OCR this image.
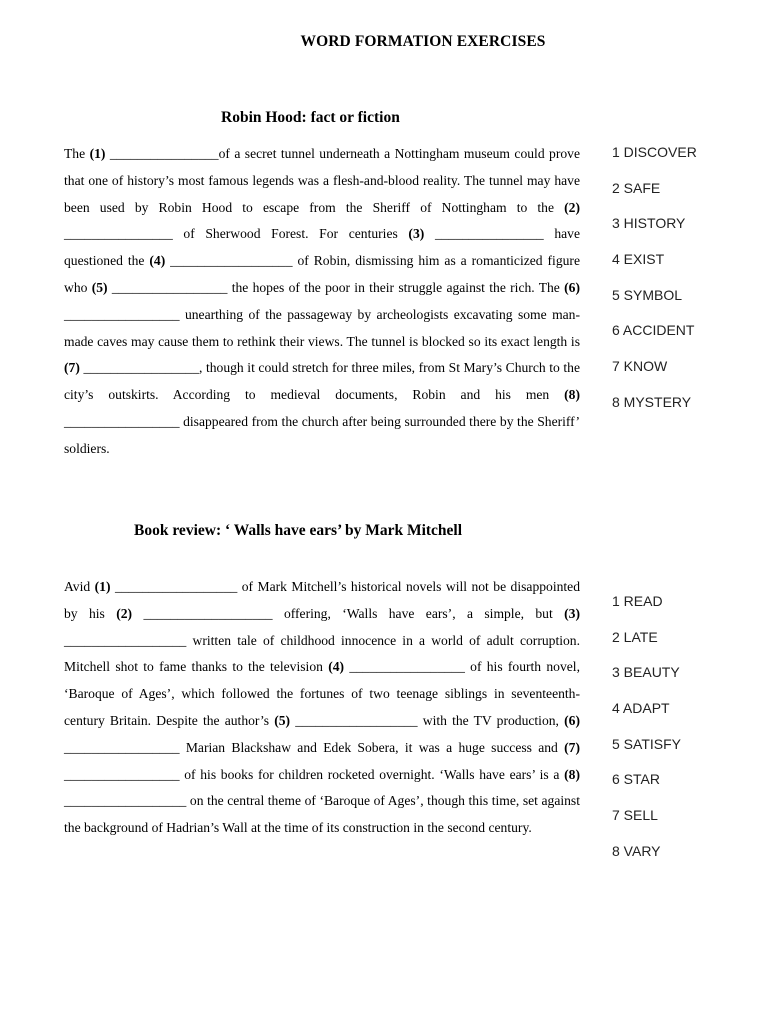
WORD FORMATION EXERCISES
Robin Hood: fact or fiction

The (1) ________________of a secret tunnel underneath a Nottingham museum could prove that one of history’s most famous legends was a flesh-and-blood reality. The tunnel may have been used by Robin Hood to escape from the Sheriff of Nottingham to the (2) ________________ of Sherwood Forest. For centuries (3) ________________ have questioned the (4) __________________ of Robin, dismissing him as a romanticized figure who (5) _________________ the hopes of the poor in their struggle against the rich. The (6) _________________ unearthing of the passageway by archeologists excavating some man-made caves may cause them to rethink their views. The tunnel is blocked so its exact length is (7) _________________, though it could stretch for three miles, from St Mary’s Church to the city’s outskirts. According to medieval documents, Robin and his men (8) _________________ disappeared from the church after being surrounded there by the Sheriff’ soldiers.

1 DISCOVER
2 SAFE
3 HISTORY
4 EXIST
5 SYMBOL
6 ACCIDENT
7 KNOW
8 MYSTERY
Book review: ‘ Walls have ears’ by Mark Mitchell

Avid (1) __________________ of Mark Mitchell’s historical novels will not be disappointed by his (2) ___________________ offering, ‘Walls have ears’, a simple, but (3) __________________ written tale of childhood innocence in a world of adult corruption. Mitchell shot to fame thanks to the television (4) _________________ of his fourth novel, ‘Baroque of Ages’, which followed the fortunes of two teenage siblings in seventeenth-century Britain. Despite the author’s (5) __________________ with the TV production, (6) _________________ Marian Blackshaw and Edek Sobera, it was a huge success and (7) _________________ of his books for children rocketed overnight. ‘Walls have ears’ is a (8) __________________ on the central theme of ‘Baroque of Ages’, though this time, set against the background of Hadrian’s Wall at the time of its construction in the second century.

1 READ
2 LATE
3 BEAUTY
4 ADAPT
5 SATISFY
6 STAR
7 SELL
8 VARY
